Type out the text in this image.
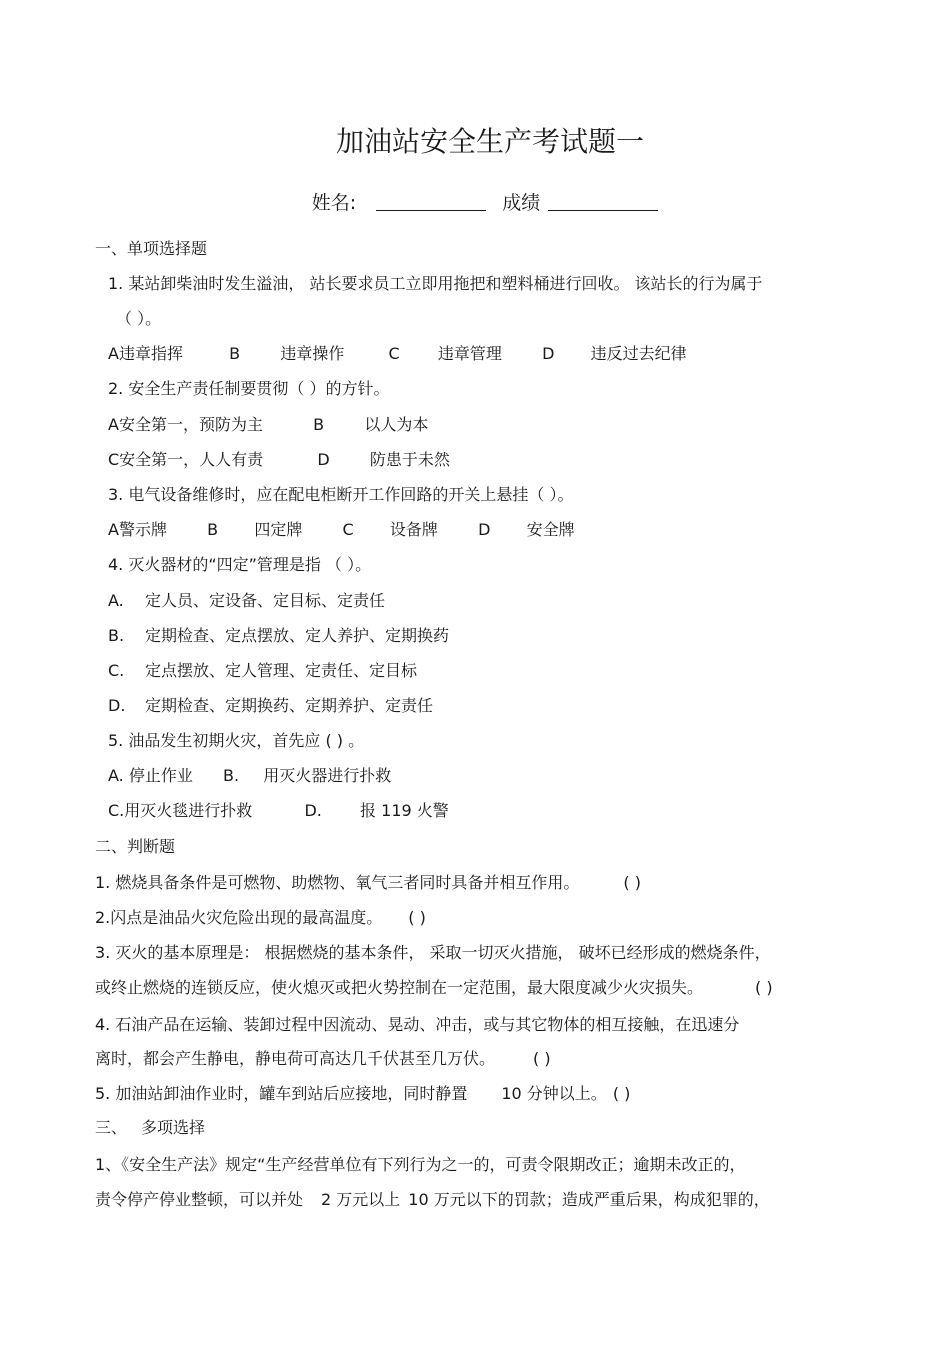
加油站安全生产考试题一
姓名:	成绩
一、单项选择题
1. 某站卸柴油时发生溢油， 站长要求员工立即用拖把和塑料桶进行回收。 该站长的行为属于
（ ）。
A违章指挥	B	违章操作	C 违章管理	D 违反过去纪律
2. 安全生产责任制要贯彻（ ）的方针。
A安全第一，预防为主	B	以人为本
C安全第一，人人有责	D	防患于未然
3. 电气设备维修时，应在配电柜断开工作回路的开关上悬挂（ ）。
A警示牌	B 四定牌	C 设备牌	D 安全牌
4. 灭火器材的“四定”管理是指 （ ）。
A. 定人员、定设备、定目标、定责任
B. 定期检查、定点摆放、定人养护、定期换药
C. 定点摆放、定人管理、定责任、定目标
D. 定期检查、定期换药、定期养护、定责任
5. 油品发生初期火灾，首先应 ( ) 。
A. 停止作业 B. 用灭火器进行扑救
C.用灭火毯进行扑救	D. 报 119 火警
二、判断题
1. 燃烧具备条件是可燃物、助燃物、氧气三者同时具备并相互作用。	( )
2.闪点是油品火灾危险出现的最高温度。 ( )
3. 灭火的基本原理是： 根据燃烧的基本条件， 采取一切灭火措施， 破坏已经形成的燃烧条件，
或终止燃烧的连锁反应，使火熄灭或把火势控制在一定范围，最大限度减少火灾损失。	( )
4. 石油产品在运输、装卸过程中因流动、晃动、冲击，或与其它物体的相互接触，在迅速分
离时，都会产生静电，静电荷可高达几千伏甚至几万伏。 ( )
5. 加油站卸油作业时，罐车到站后应接地，同时静置 10 分钟以上。 ( )
三、 多项选择
1、《安全生产法》规定“生产经营单位有下列行为之一的，可责令限期改正；逾期未改正的，
责令停产停业整顿，可以并处 2 万元以上 10 万元以下的罚款；造成严重后果，构成犯罪的，
